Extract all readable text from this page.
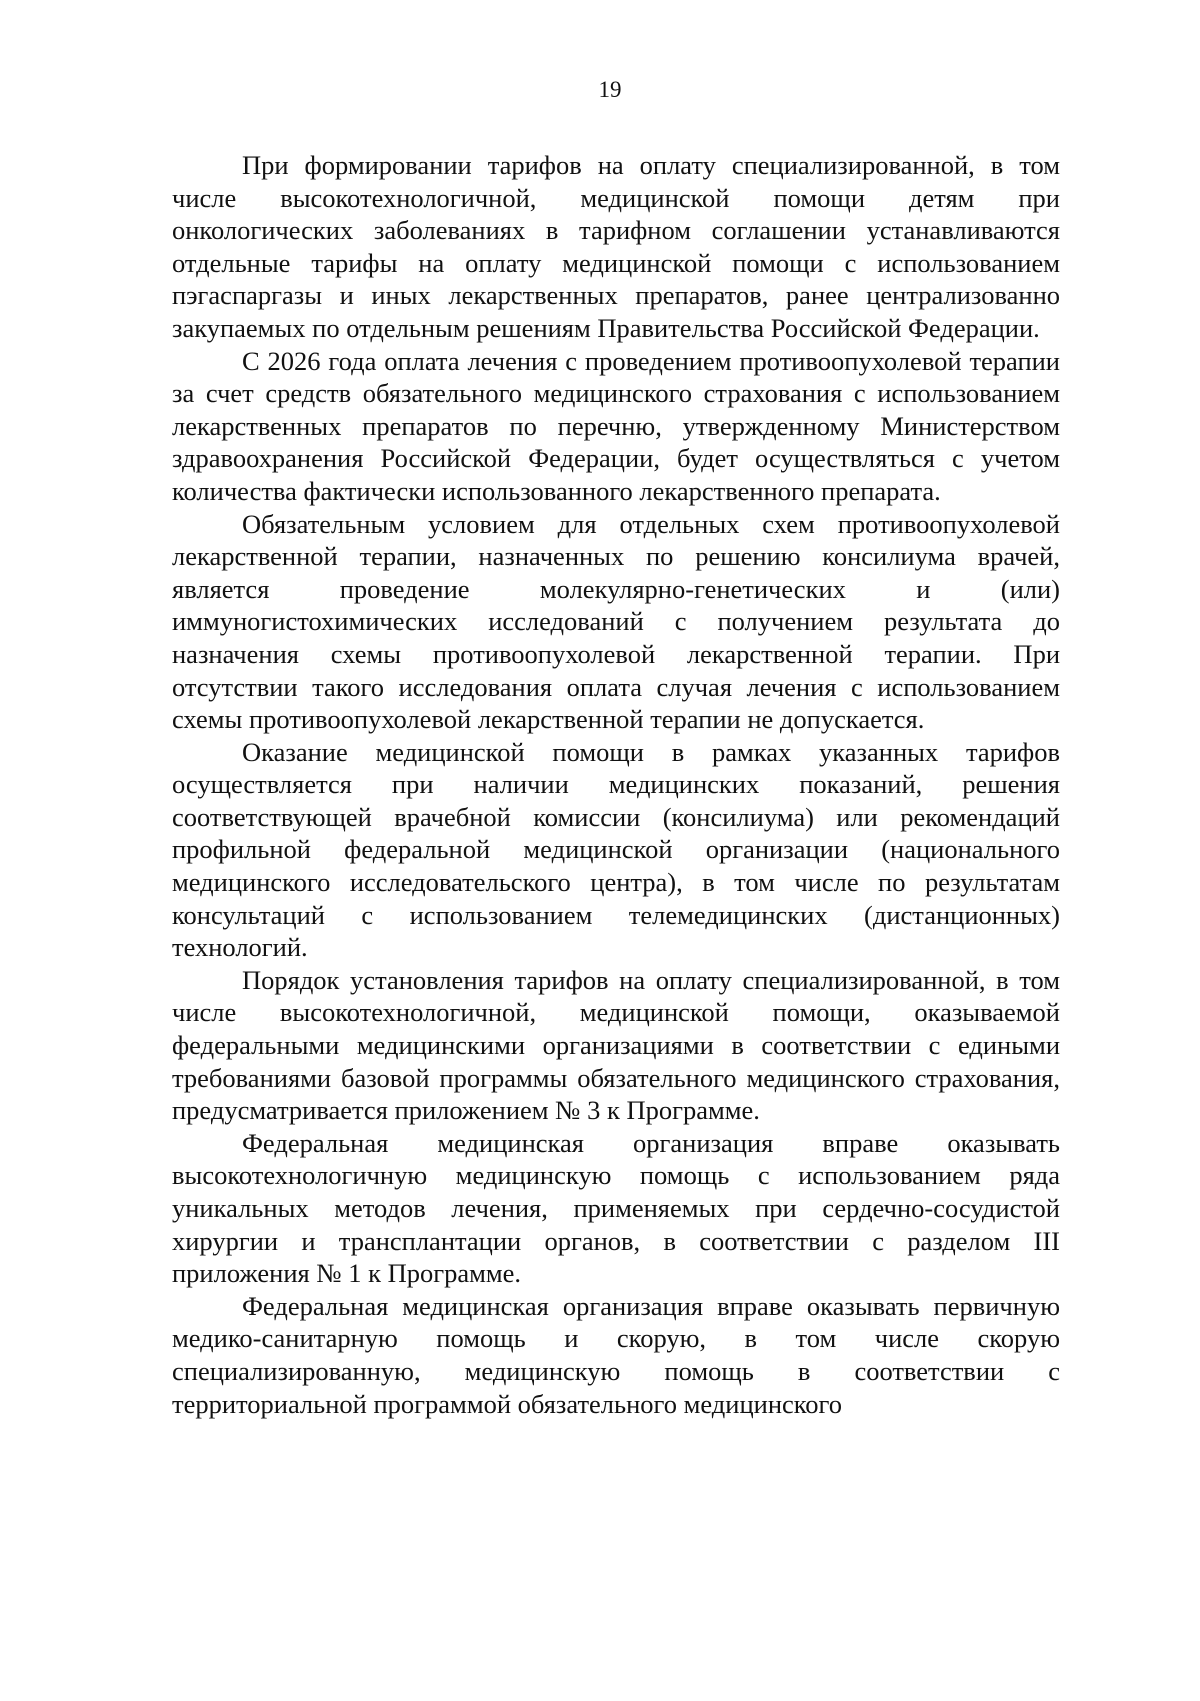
19

При формировании тарифов на оплату специализированной, в том числе высокотехнологичной, медицинской помощи детям при онкологических заболеваниях в тарифном соглашении устанавливаются отдельные тарифы на оплату медицинской помощи с использованием пэгаспаргазы и иных лекарственных препаратов, ранее централизованно закупаемых по отдельным решениям Правительства Российской Федерации.

С 2026 года оплата лечения с проведением противоопухолевой терапии за счет средств обязательного медицинского страхования с использованием лекарственных препаратов по перечню, утвержденному Министерством здравоохранения Российской Федерации, будет осуществляться с учетом количества фактически использованного лекарственного препарата.

Обязательным условием для отдельных схем противоопухолевой лекарственной терапии, назначенных по решению консилиума врачей, является проведение молекулярно-генетических и (или) иммуногистохимических исследований с получением результата до назначения схемы противоопухолевой лекарственной терапии. При отсутствии такого исследования оплата случая лечения с использованием схемы противоопухолевой лекарственной терапии не допускается.

Оказание медицинской помощи в рамках указанных тарифов осуществляется при наличии медицинских показаний, решения соответствующей врачебной комиссии (консилиума) или рекомендаций профильной федеральной медицинской организации (национального медицинского исследовательского центра), в том числе по результатам консультаций с использованием телемедицинских (дистанционных) технологий.

Порядок установления тарифов на оплату специализированной, в том числе высокотехнологичной, медицинской помощи, оказываемой федеральными медицинскими организациями в соответствии с едиными требованиями базовой программы обязательного медицинского страхования, предусматривается приложением № 3 к Программе.

Федеральная медицинская организация вправе оказывать высокотехнологичную медицинскую помощь с использованием ряда уникальных методов лечения, применяемых при сердечно-сосудистой хирургии и трансплантации органов, в соответствии с разделом III приложения № 1 к Программе.

Федеральная медицинская организация вправе оказывать первичную медико-санитарную помощь и скорую, в том числе скорую специализированную, медицинскую помощь в соответствии с территориальной программой обязательного медицинского
